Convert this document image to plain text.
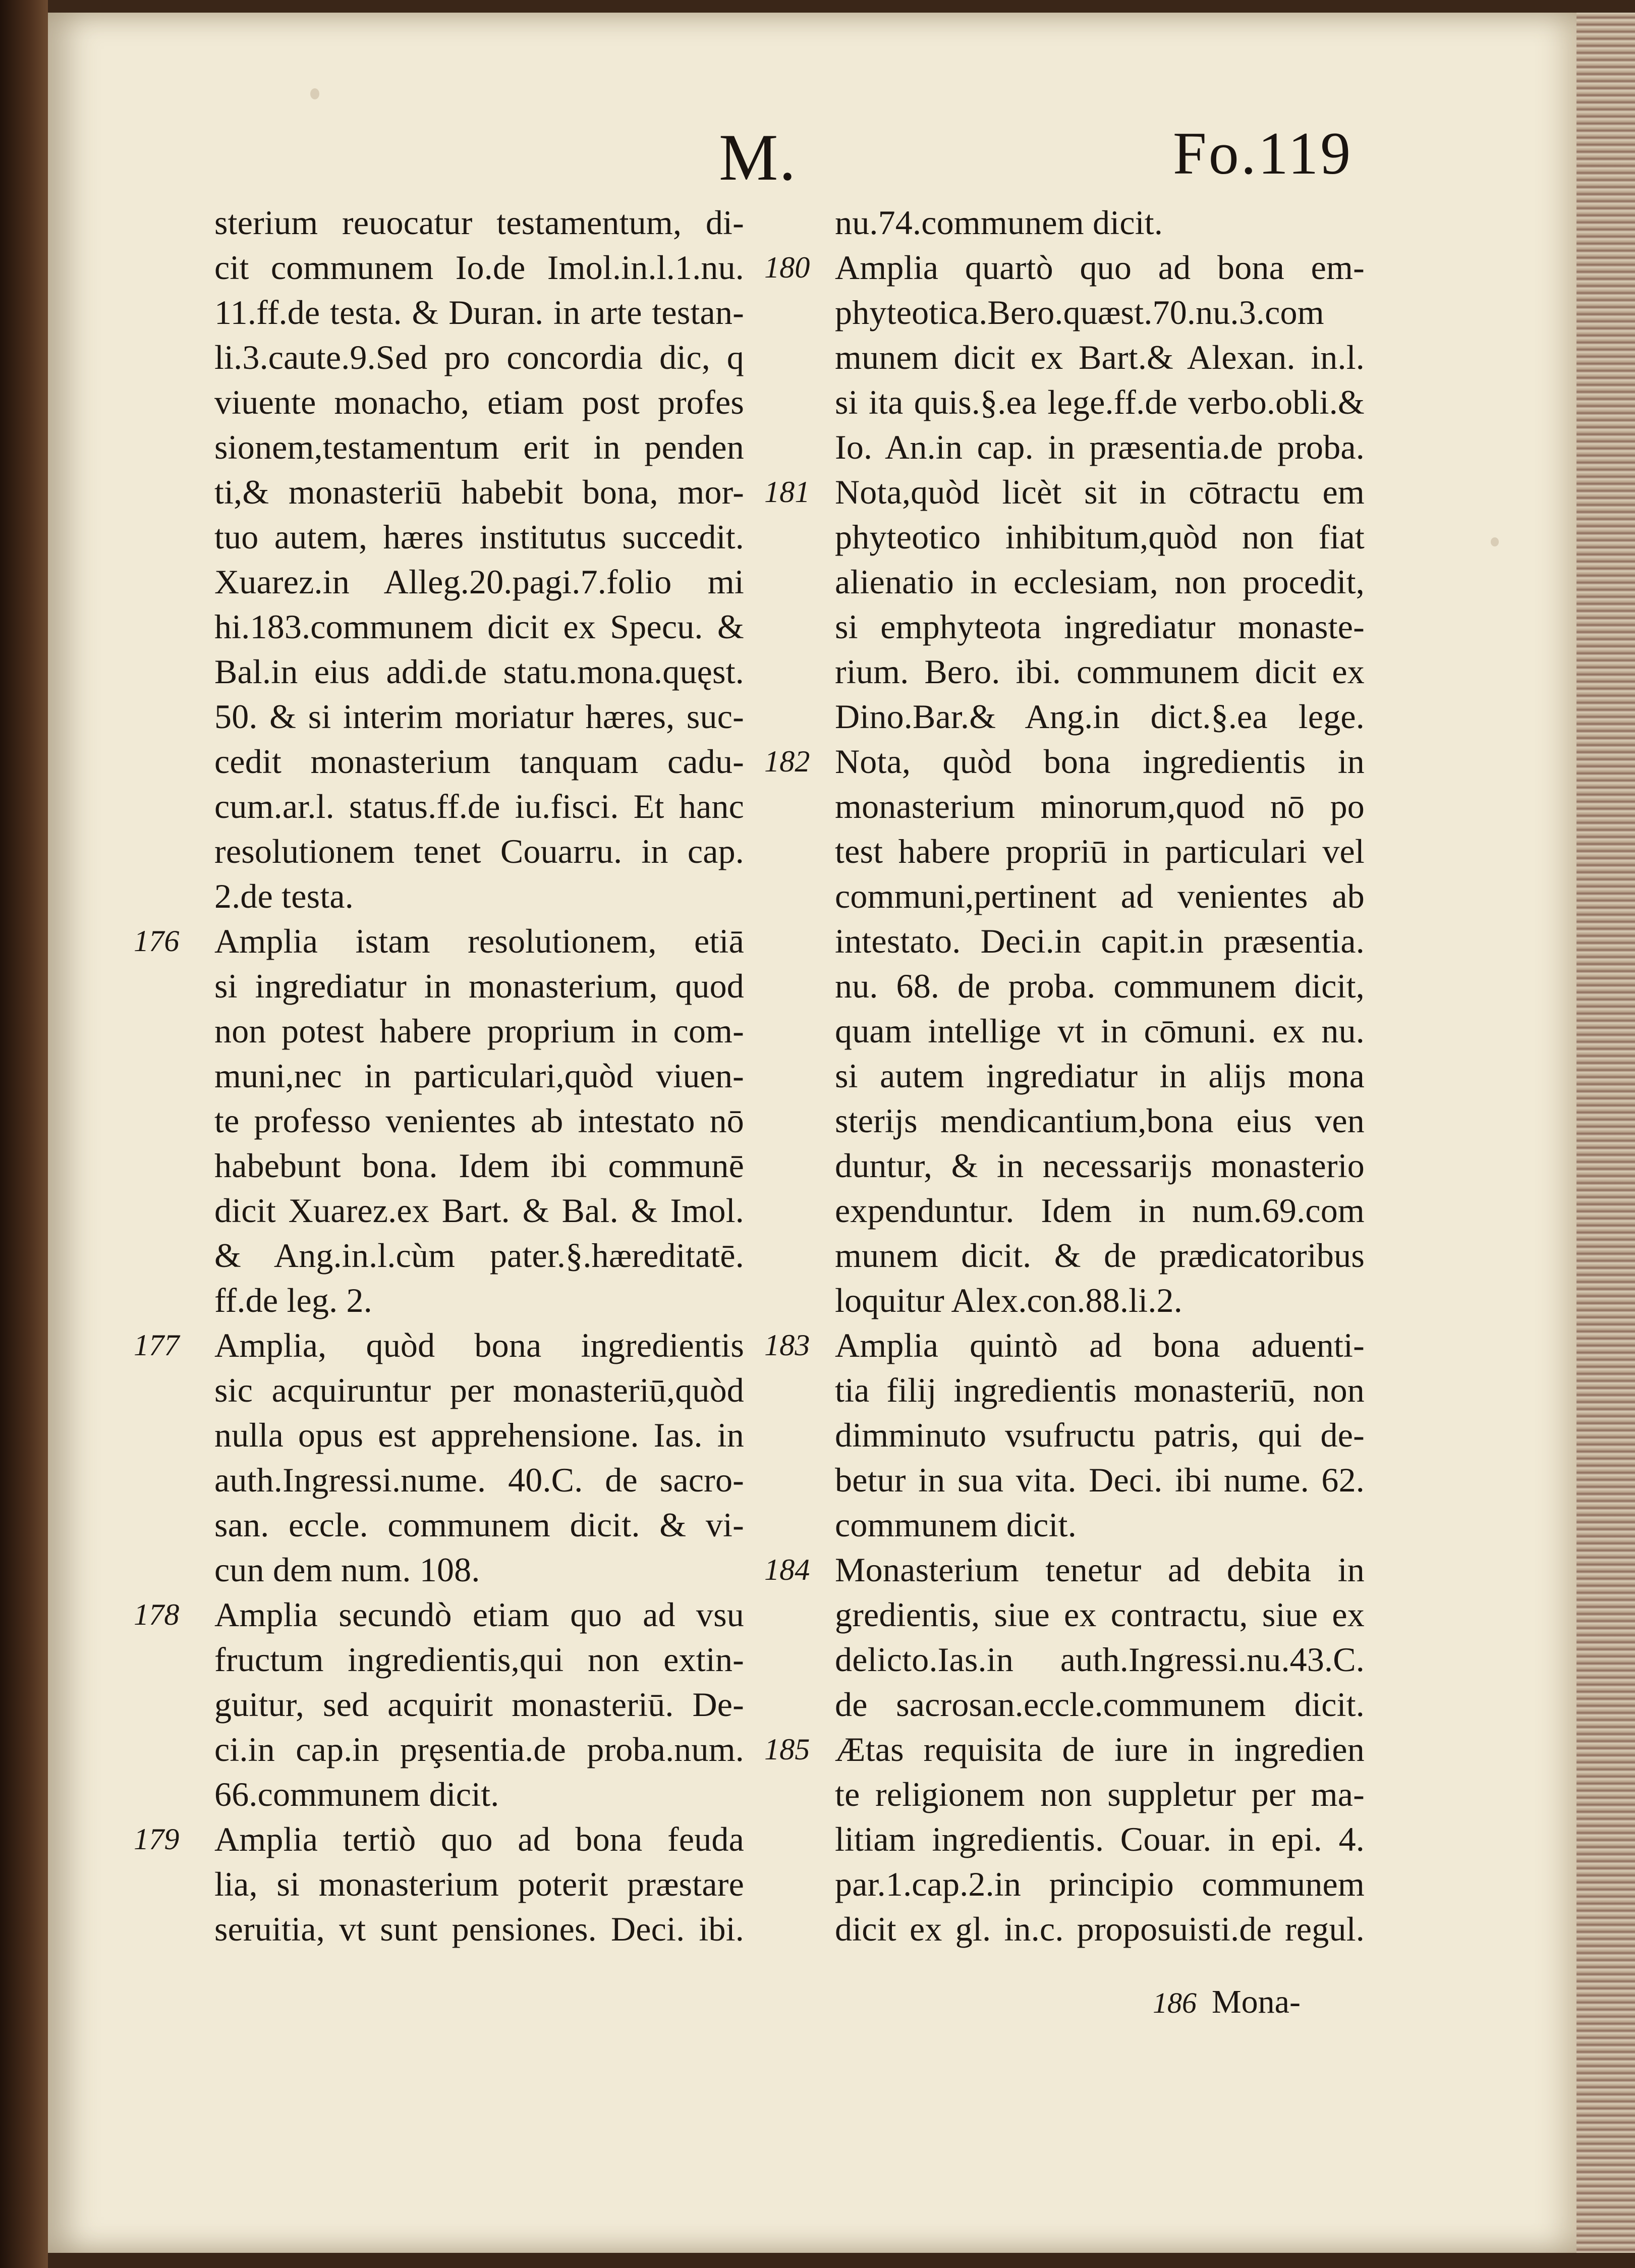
M.	Fo.119
sterium reuocatur testamentum, di-
cit communem Io.de Imol.in.l.1.nu.
11.ff.de testa. & Duran. in arte testan-
li.3.caute.9.Sed pro concordia dic, q
viuente monacho, etiam post profes
sionem,testamentum erit in penden
ti,& monasteriū habebit bona, mor-
tuo autem, hæres institutus succedit.
Xuarez.in Alleg.20.pagi.7.folio mi
hi.183.communem dicit ex Specu. &
Bal.in eius addi.de statu.mona.quęst.
50. & si interim moriatur hæres, suc-
cedit monasterium tanquam cadu-
cum.ar.l. status.ff.de iu.fisci. Et hanc
resolutionem tenet Couarru. in cap.
2.de testa.
176 Amplia istam resolutionem, etiā
si ingrediatur in monasterium, quod
non potest habere proprium in com-
muni,nec in particulari,quòd viuen-
te professo venientes ab intestato nō
habebunt bona. Idem ibi communē
dicit Xuarez.ex Bart. & Bal. & Imol.
& Ang.in.l.cùm pater.§.hæreditatē.
ff.de leg. 2.
177 Amplia, quòd bona ingredientis
sic acquiruntur per monasteriū,quòd
nulla opus est apprehensione. Ias. in
auth.Ingressi.nume. 40.C. de sacro-
san. eccle. communem dicit. & vi-
cun dem num. 108.
178 Amplia secundò etiam quo ad vsu
fructum ingredientis,qui non extin-
guitur, sed acquirit monasteriū. De-
ci.in cap.in prȩsentia.de proba.num.
66.communem dicit.
179 Amplia tertiò quo ad bona feuda
lia, si monasterium poterit præstare
seruitia, vt sunt pensiones. Deci. ibi.
nu.74.communem dicit.
180 Amplia quartò quo ad bona em-
phyteotica.Bero.quæst.70.nu.3.com
munem dicit ex Bart.& Alexan. in.l.
si ita quis.§.ea lege.ff.de verbo.obli.&
Io. An.in cap. in præsentia.de proba.
181 Nota,quòd licèt sit in cōtractu em
phyteotico inhibitum,quòd non fiat
alienatio in ecclesiam, non procedit,
si emphyteota ingrediatur monaste-
rium. Bero. ibi. communem dicit ex
Dino.Bar.& Ang.in dict.§.ea lege.
182 Nota, quòd bona ingredientis in
monasterium minorum,quod nō po
test habere propriū in particulari vel
communi,pertinent ad venientes ab
intestato. Deci.in capit.in præsentia.
nu. 68. de proba. communem dicit,
quam intellige vt in cōmuni. ex nu.
si autem ingrediatur in alijs mona
sterijs mendicantium,bona eius ven
duntur, & in necessarijs monasterio
expenduntur. Idem in num.69.com
munem dicit. & de prædicatoribus
loquitur Alex.con.88.li.2.
183 Amplia quintò ad bona aduenti-
tia filij ingredientis monasteriū, non
dimminuto vsufructu patris, qui de-
betur in sua vita. Deci. ibi nume. 62.
communem dicit.
184 Monasterium tenetur ad debita in
gredientis, siue ex contractu, siue ex
delicto.Ias.in auth.Ingressi.nu.43.C.
de sacrosan.eccle.communem dicit.
185 Ætas requisita de iure in ingredien
te religionem non suppletur per ma-
litiam ingredientis. Couar. in epi. 4.
par.1.cap.2.in principio communem
dicit ex gl. in.c. proposuisti.de regul.
186 Mona-
